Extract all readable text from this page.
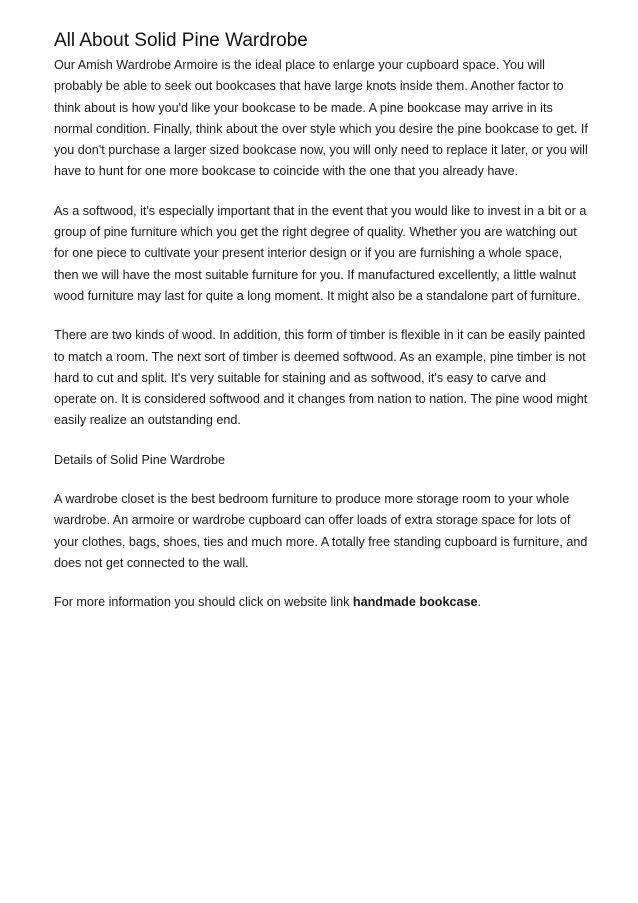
All About Solid Pine Wardrobe

Our Amish Wardrobe Armoire is the ideal place to enlarge your cupboard space. You will probably be able to seek out bookcases that have large knots inside them. Another factor to think about is how you'd like your bookcase to be made. A pine bookcase may arrive in its normal condition. Finally, think about the over style which you desire the pine bookcase to get. If you don't purchase a larger sized bookcase now, you will only need to replace it later, or you will have to hunt for one more bookcase to coincide with the one that you already have.

As a softwood, it's especially important that in the event that you would like to invest in a bit or a group of pine furniture which you get the right degree of quality. Whether you are watching out for one piece to cultivate your present interior design or if you are furnishing a whole space, then we will have the most suitable furniture for you. If manufactured excellently, a little walnut wood furniture may last for quite a long moment. It might also be a standalone part of furniture.

There are two kinds of wood. In addition, this form of timber is flexible in it can be easily painted to match a room. The next sort of timber is deemed softwood. As an example, pine timber is not hard to cut and split. It's very suitable for staining and as softwood, it's easy to carve and operate on. It is considered softwood and it changes from nation to nation. The pine wood might easily realize an outstanding end.

Details of Solid Pine Wardrobe

A wardrobe closet is the best bedroom furniture to produce more storage room to your whole wardrobe. An armoire or wardrobe cupboard can offer loads of extra storage space for lots of your clothes, bags, shoes, ties and much more. A totally free standing cupboard is furniture, and does not get connected to the wall.

For more information you should click on website link handmade bookcase.
